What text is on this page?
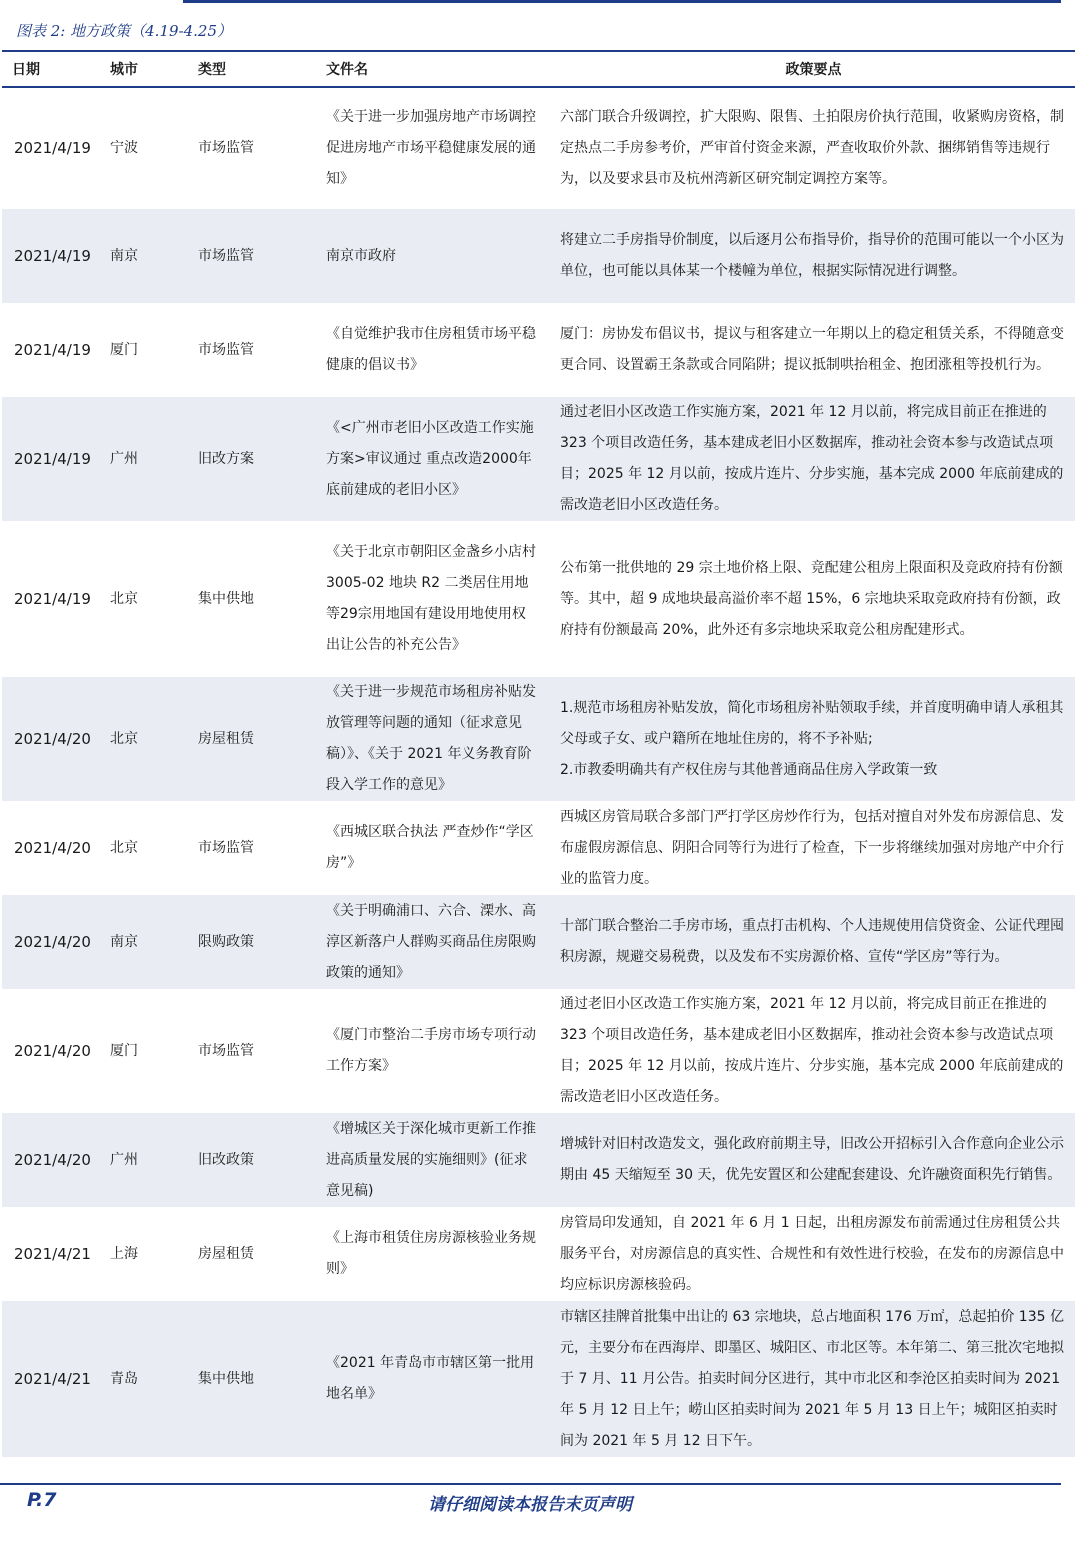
图表 2: 地方政策（4.19-4.25）
日期	城市	类型	文件名	政策要点
2021/4/19	宁波	市场监管	《关于进一步加强房地产市场调控促进房地产市场平稳健康发展的通知》	六部门联合升级调控，扩大限购、限售、土拍限房价执行范围，收紧购房资格，制定热点二手房参考价，严审首付资金来源，严查收取价外款、捆绑销售等违规行为，以及要求县市及杭州湾新区研究制定调控方案等。
2021/4/19	南京	市场监管	南京市政府	将建立二手房指导价制度，以后逐月公布指导价，指导价的范围可能以一个小区为单位，也可能以具体某一个楼幢为单位，根据实际情况进行调整。
2021/4/19	厦门	市场监管	《自觉维护我市住房租赁市场平稳健康的倡议书》	厦门：房协发布倡议书，提议与租客建立一年期以上的稳定租赁关系，不得随意变更合同、设置霸王条款或合同陷阱；提议抵制哄抬租金、抱团涨租等投机行为。
2021/4/19	广州	旧改方案	《<广州市老旧小区改造工作实施方案>审议通过 重点改造2000年底前建成的老旧小区》	通过老旧小区改造工作实施方案，2021 年 12 月以前，将完成目前正在推进的 323 个项目改造任务，基本建成老旧小区数据库，推动社会资本参与改造试点项目；2025 年 12 月以前，按成片连片、分步实施，基本完成 2000 年底前建成的需改造老旧小区改造任务。
2021/4/19	北京	集中供地	《关于北京市朝阳区金盏乡小店村 3005-02 地块 R2 二类居住用地等29宗用地国有建设用地使用权出让公告的补充公告》	公布第一批供地的 29 宗土地价格上限、竞配建公租房上限面积及竞政府持有份额等。其中，超 9 成地块最高溢价率不超 15%，6 宗地块采取竞政府持有份额，政府持有份额最高 20%，此外还有多宗地块采取竞公租房配建形式。
2021/4/20	北京	房屋租赁	《关于进一步规范市场租房补贴发放管理等问题的通知（征求意见稿）》、《关于 2021 年义务教育阶段入学工作的意见》	1.规范市场租房补贴发放，简化市场租房补贴领取手续，并首度明确申请人承租其父母或子女、或户籍所在地址住房的，将不予补贴;
2.市教委明确共有产权住房与其他普通商品住房入学政策一致
2021/4/20	北京	市场监管	《西城区联合执法 严查炒作“学区房”》	西城区房管局联合多部门严打学区房炒作行为，包括对擅自对外发布房源信息、发布虚假房源信息、阴阳合同等行为进行了检查，下一步将继续加强对房地产中介行业的监管力度。
2021/4/20	南京	限购政策	《关于明确浦口、六合、溧水、高淳区新落户人群购买商品住房限购政策的通知》	十部门联合整治二手房市场，重点打击机构、个人违规使用信贷资金、公证代理囤积房源，规避交易税费，以及发布不实房源价格、宣传“学区房”等行为。
2021/4/20	厦门	市场监管	《厦门市整治二手房市场专项行动工作方案》	通过老旧小区改造工作实施方案，2021 年 12 月以前，将完成目前正在推进的 323 个项目改造任务，基本建成老旧小区数据库，推动社会资本参与改造试点项目；2025 年 12 月以前，按成片连片、分步实施，基本完成 2000 年底前建成的需改造老旧小区改造任务。
2021/4/20	广州	旧改政策	《增城区关于深化城市更新工作推进高质量发展的实施细则》(征求意见稿)	增城针对旧村改造发文，强化政府前期主导，旧改公开招标引入合作意向企业公示期由 45 天缩短至 30 天，优先安置区和公建配套建设、允许融资面积先行销售。
2021/4/21	上海	房屋租赁	《上海市租赁住房房源核验业务规则》	房管局印发通知，自 2021 年 6 月 1 日起，出租房源发布前需通过住房租赁公共服务平台，对房源信息的真实性、合规性和有效性进行校验，在发布的房源信息中均应标识房源核验码。
2021/4/21	青岛	集中供地	《2021 年青岛市市辖区第一批用地名单》	市辖区挂牌首批集中出让的 63 宗地块，总占地面积 176 万㎡，总起拍价 135 亿元，主要分布在西海岸、即墨区、城阳区、市北区等。本年第二、第三批次宅地拟于 7 月、11 月公告。拍卖时间分区进行，其中市北区和李沧区拍卖时间为 2021 年 5 月 12 日上午；崂山区拍卖时间为 2021 年 5 月 13 日上午；城阳区拍卖时间为 2021 年 5 月 12 日下午。
P.7	请仔细阅读本报告末页声明
